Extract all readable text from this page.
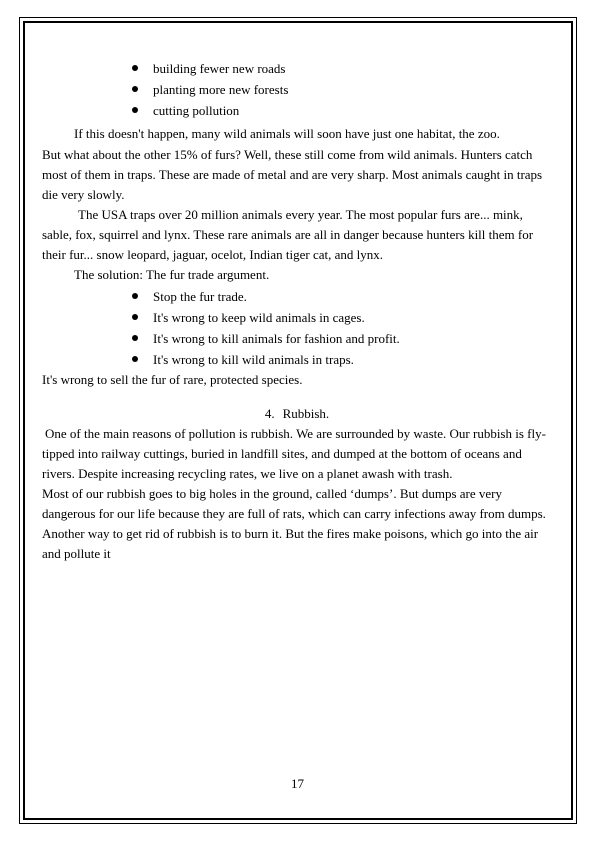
building fewer new roads
planting more new forests
cutting pollution

If this doesn't happen, many wild animals will soon have just one habitat, the zoo.

But what about the other 15% of furs? Well, these still come from wild animals. Hunters catch most of them in traps. These are made of metal and are very sharp. Most animals caught in traps die very slowly.

The USA traps over 20 million animals every year. The most popular furs are... mink, sable, fox, squirrel and lynx. These rare animals are all in danger because hunters kill them for their fur... snow leopard, jaguar, ocelot, Indian tiger cat, and lynx.

The solution: The fur trade argument.

Stop the fur trade.
It's wrong to keep wild animals in cages.
It's wrong to kill animals for fashion and profit.
It's wrong to kill wild animals in traps.

It's wrong to sell the fur of rare, protected species.

4. Rubbish.

One of the main reasons of pollution is rubbish. We are surrounded by waste. Our rubbish is fly-tipped into railway cuttings, buried in landfill sites, and dumped at the bottom of oceans and rivers. Despite increasing recycling rates, we live on a planet awash with trash.

Most of our rubbish goes to big holes in the ground, called ‘dumps’. But dumps are very dangerous for our life because they are full of rats, which can carry infections away from dumps. Another way to get rid of rubbish is to burn it. But the fires make poisons, which go into the air and pollute it

17
